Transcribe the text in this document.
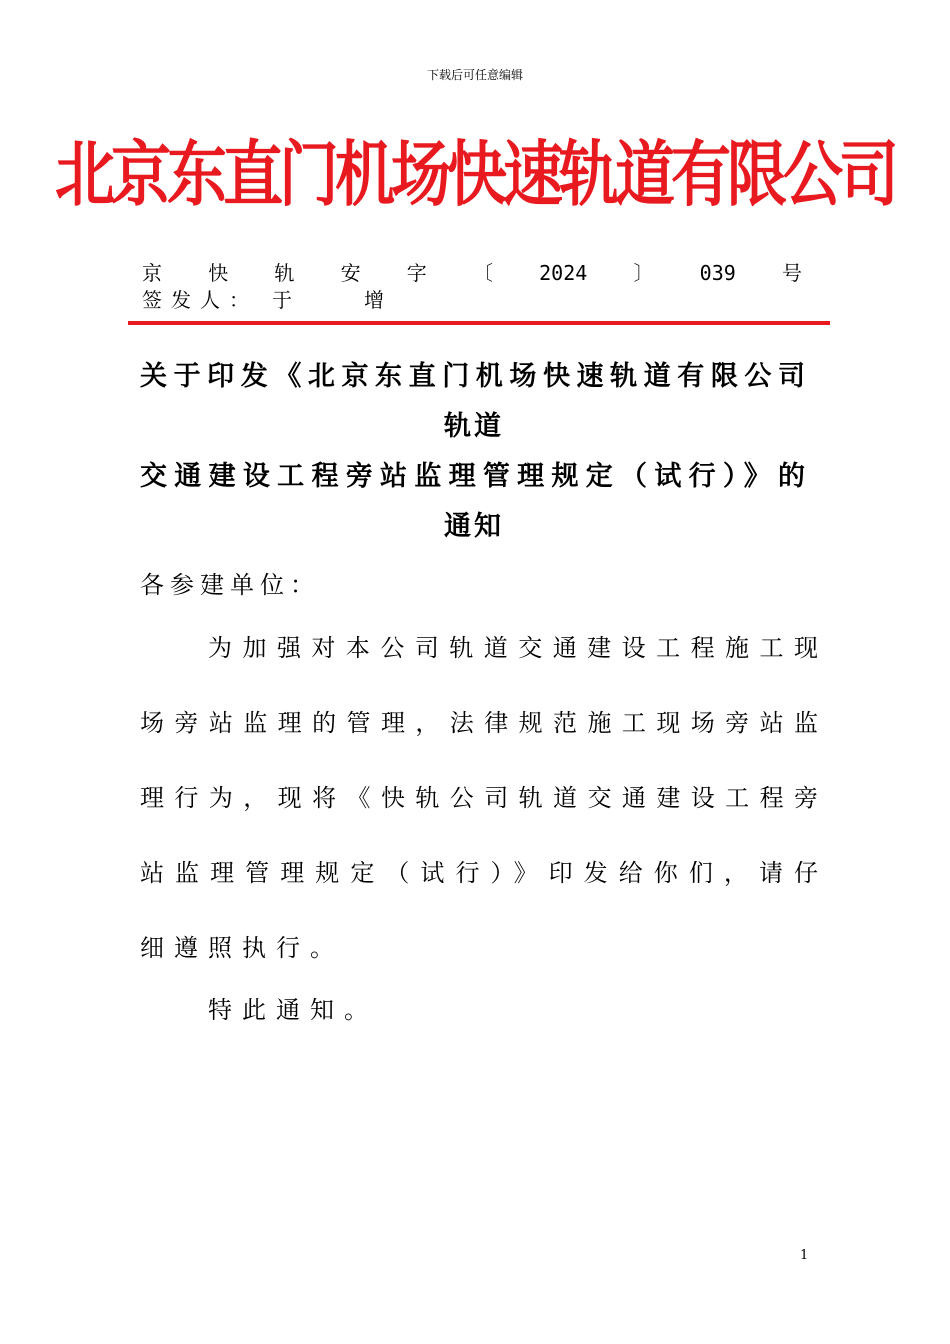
下载后可任意编辑
北京东直门机场快速轨道有限公司
京 快 轨 安 字 〔 2024 〕 039 号
签发人： 于	增
关于印发《北京东直门机场快速轨道有限公司
轨道
交通建设工程旁站监理管理规定（试行）》的
通知
各参建单位：
为加强对本公司轨道交通建设工程施工现
场旁站监理的管理，法律规范施工现场旁站监
理行为，现将《快轨公司轨道交通建设工程旁
站监理管理规定（试行）》印发给你们，请仔
细遵照执行。
特此通知。
1
